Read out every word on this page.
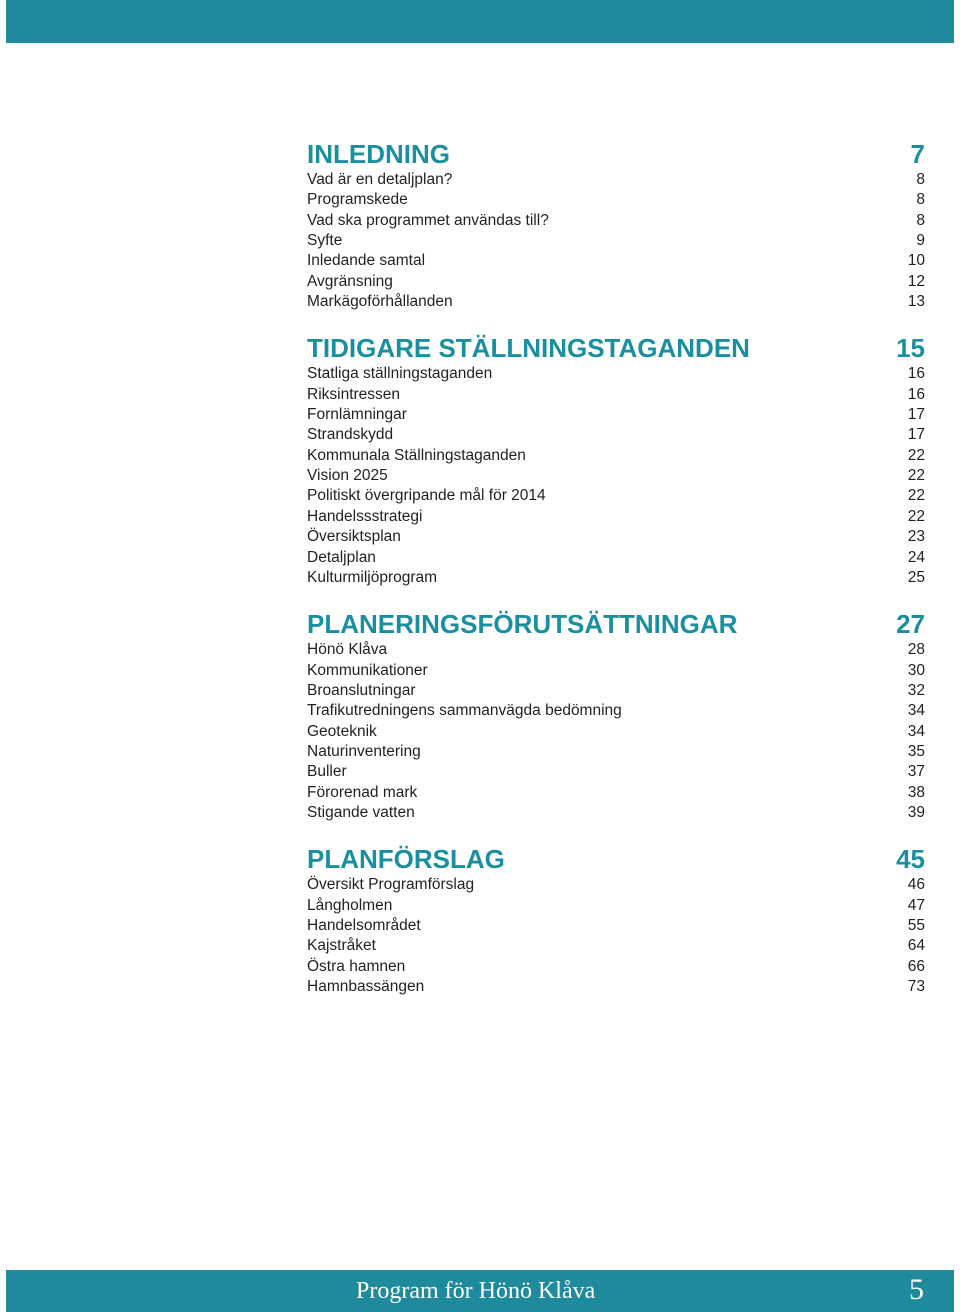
INLEDNING	7
Vad är en detaljplan?	8
Programskede	8
Vad ska programmet användas till?	8
Syfte	9
Inledande samtal	10
Avgränsning	12
Markägoförhållanden	13
TIDIGARE STÄLLNINGSTAGANDEN	15
Statliga ställningstaganden	16
Riksintressen	16
Fornlämningar	17
Strandskydd	17
Kommunala Ställningstaganden	22
Vision 2025	22
Politiskt övergripande mål för 2014	22
Handelssstrategi	22
Översiktsplan	23
Detaljplan	24
Kulturmiljöprogram	25
PLANERINGSFÖRUTSÄTTNINGAR	27
Hönö Klåva	28
Kommunikationer	30
Broanslutningar	32
Trafikutredningens sammanvägda bedömning	34
Geoteknik	34
Naturinventering	35
Buller	37
Förorenad mark	38
Stigande vatten	39
PLANFÖRSLAG	45
Översikt Programförslag	46
Långholmen	47
Handelsområdet	55
Kajstråket	64
Östra hamnen	66
Hamnbassängen	73
Program för Hönö Klåva	5
